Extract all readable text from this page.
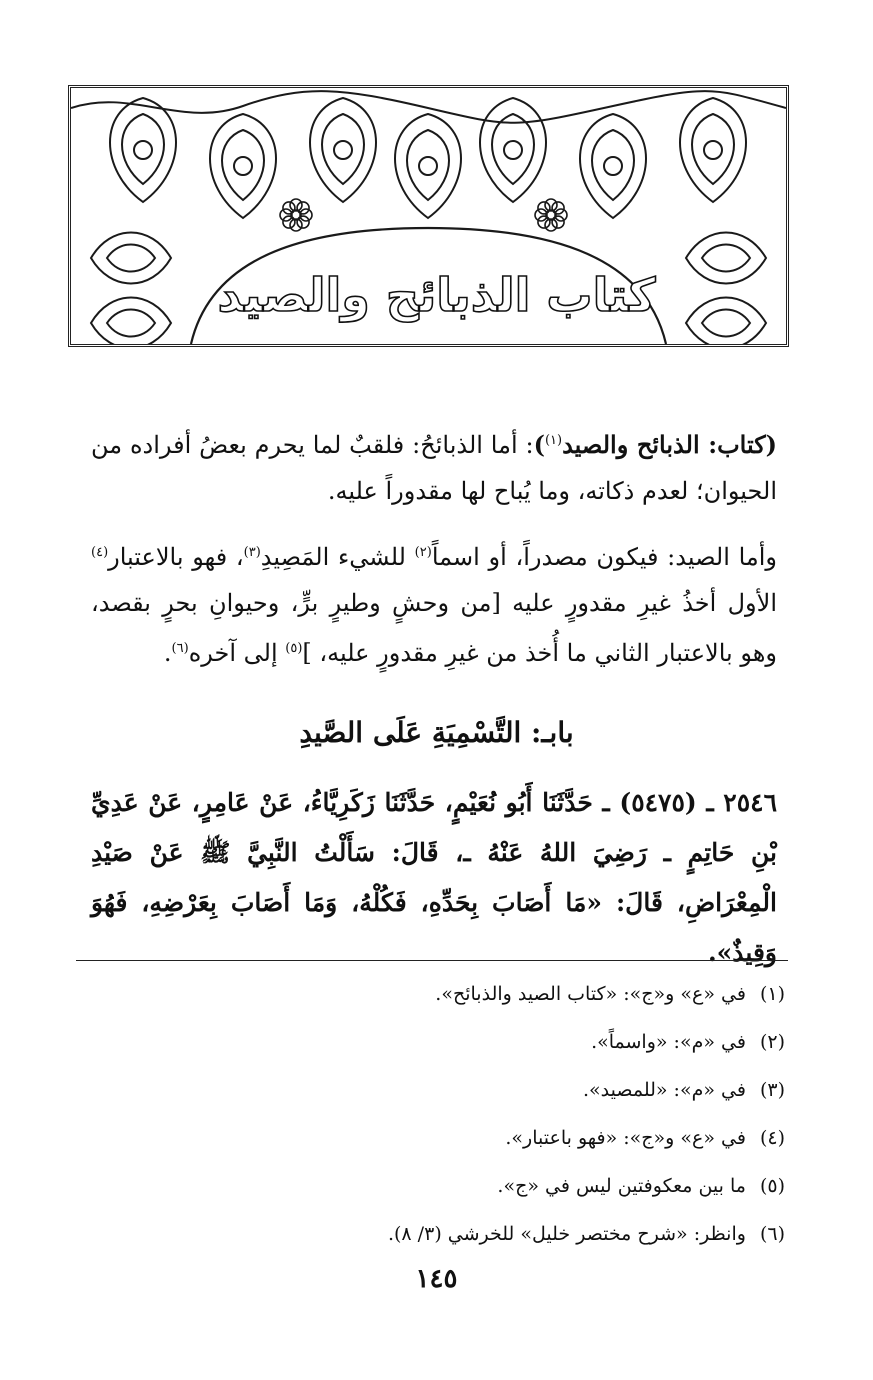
كتاب الذبائح والصيد
(كتاب: الذبائح والصيد$^{(١)}$): أما الذبائحُ: فلقبٌ لما يحرم بعضُ أفراده من الحيوان؛ لعدم ذكاته، وما يُباح لها مقدوراً عليه.
وأما الصيد: فيكون مصدراً، أو اسماً$^{(٢)}$ للشيء المَصِيدِ$^{(٣)}$، فهو بالاعتبار$^{(٤)}$ الأول أخذُ غيرِ مقدورٍ عليه [من وحشٍ وطيرٍ برٍّ، وحيوانِ بحرٍ بقصد، وهو بالاعتبار الثاني ما أُخذ من غيرِ مقدورٍ عليه، ]$^{(٥)}$ إلى آخره$^{(٦)}$.
بابـ: التَّسْمِيَةِ عَلَى الصَّيدِ
٢٥٤٦ ـ (٥٤٧٥) ـ حَدَّثَنَا أَبُو نُعَيْمٍ، حَدَّثَنَا زَكَرِيَّاءُ، عَنْ عَامِرٍ، عَنْ عَدِيِّ بْنِ حَاتِمٍ ـ رَضِيَ اللهُ عَنْهُ ـ، قَالَ: سَأَلْتُ النَّبِيَّ ﷺ عَنْ صَيْدِ الْمِعْرَاضِ، قَالَ: «مَا أَصَابَ بِحَدِّهِ، فَكُلْهُ، وَمَا أَصَابَ بِعَرْضِهِ، فَهُوَ وَقِيذٌ».
(١)في «ع» و«ج»: «كتاب الصيد والذبائح».
(٢)في «م»: «واسماً».
(٣)في «م»: «للمصيد».
(٤)في «ع» و«ج»: «فهو باعتبار».
(٥)ما بين معكوفتين ليس في «ج».
(٦)وانظر: «شرح مختصر خليل» للخرشي (٣/ ٨).
١٤٥
